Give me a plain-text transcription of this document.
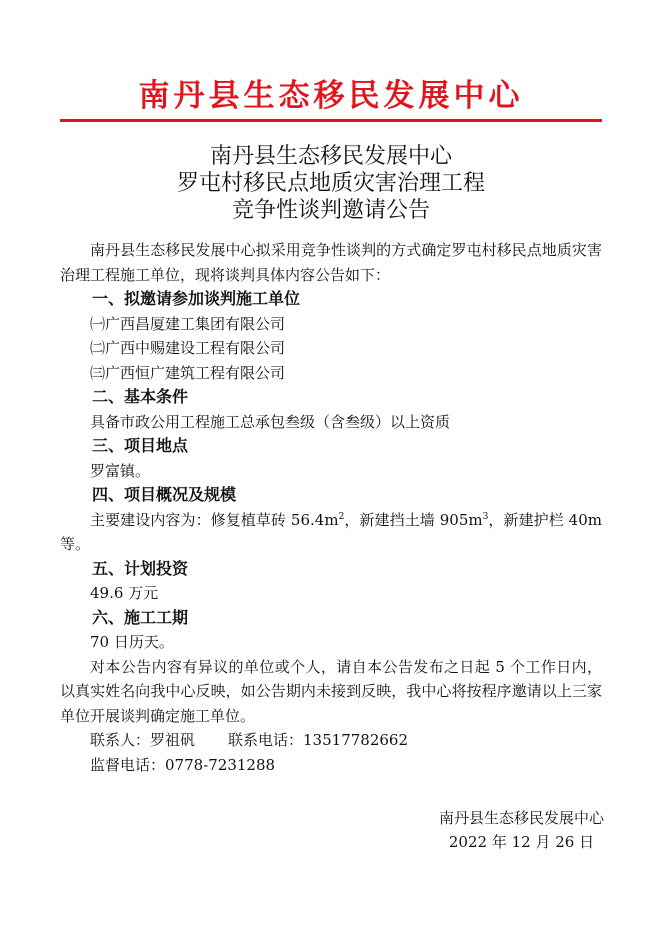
南丹县生态移民发展中心
南丹县生态移民发展中心
罗屯村移民点地质灾害治理工程
竞争性谈判邀请公告

南丹县生态移民发展中心拟采用竞争性谈判的方式确定罗屯村移民点地质灾害治理工程施工单位，现将谈判具体内容公告如下：

一、拟邀请参加谈判施工单位

㈠广西昌厦建工集团有限公司

㈡广西中赐建设工程有限公司

㈢广西恒广建筑工程有限公司

二、基本条件

具备市政公用工程施工总承包叁级（含叁级）以上资质

三、项目地点

罗富镇。

四、项目概况及规模

主要建设内容为：修复植草砖 $56.4m^2$，新建挡土墙 $905m^3$，新建护栏 40m 等。

五、计划投资

49.6 万元

六、施工工期

70 日历天。

对本公告内容有异议的单位或个人，请自本公告发布之日起 5 个工作日内，以真实姓名向我中心反映，如公告期内未接到反映，我中心将按程序邀请以上三家单位开展谈判确定施工单位。

联系人：罗祖矾 联系电话：13517782662

监督电话：0778-7231288

南丹县生态移民发展中心
2022 年 12 月 26 日
